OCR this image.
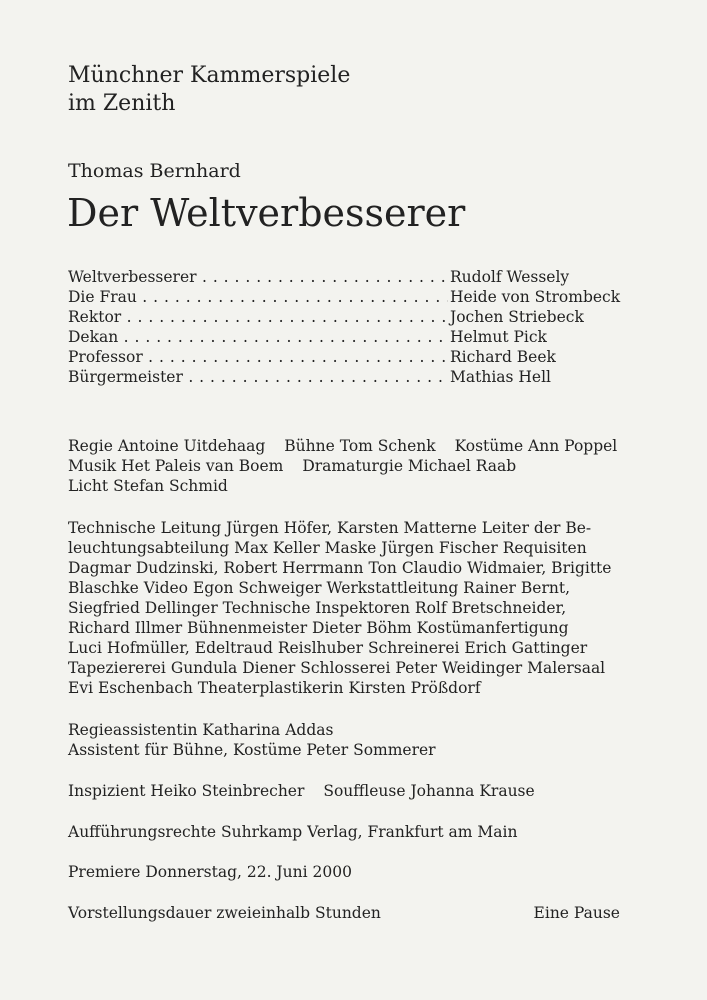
Münchner Kammerspiele
im Zenith
Thomas Bernhard
Der Weltverbesserer
Weltverbesserer . . .	Rudolf Wessely
Die Frau . . .	Heide von Strombeck
Rektor . . .	Jochen Striebeck
Dekan . . .	Helmut Pick
Professor . . .	Richard Beek
Bürgermeister . . .	Mathias Hell
Regie Antoine Uitdehaag Bühne Tom Schenk Kostüme Ann Poppel
Musik Het Paleis van Boem Dramaturgie Michael Raab
Licht Stefan Schmid
Technische Leitung Jürgen Höfer, Karsten Matterne Leiter der Be-
leuchtungsabteilung Max Keller Maske Jürgen Fischer Requisiten
Dagmar Dudzinski, Robert Herrmann Ton Claudio Widmaier, Brigitte
Blaschke Video Egon Schweiger Werkstattleitung Rainer Bernt,
Siegfried Dellinger Technische Inspektoren Rolf Bretschneider,
Richard Illmer Bühnenmeister Dieter Böhm Kostümanfertigung
Luci Hofmüller, Edeltraud Reislhuber Schreinerei Erich Gattinger
Tapeziererei Gundula Diener Schlosserei Peter Weidinger Malersaal
Evi Eschenbach Theaterplastikerin Kirsten Prößdorf
Regieassistentin Katharina Addas
Assistent für Bühne, Kostüme Peter Sommerer
Inspizient Heiko Steinbrecher Souffleuse Johanna Krause
Aufführungsrechte Suhrkamp Verlag, Frankfurt am Main
Premiere Donnerstag, 22. Juni 2000
Vorstellungsdauer zweieinhalb Stunden	Eine Pause
